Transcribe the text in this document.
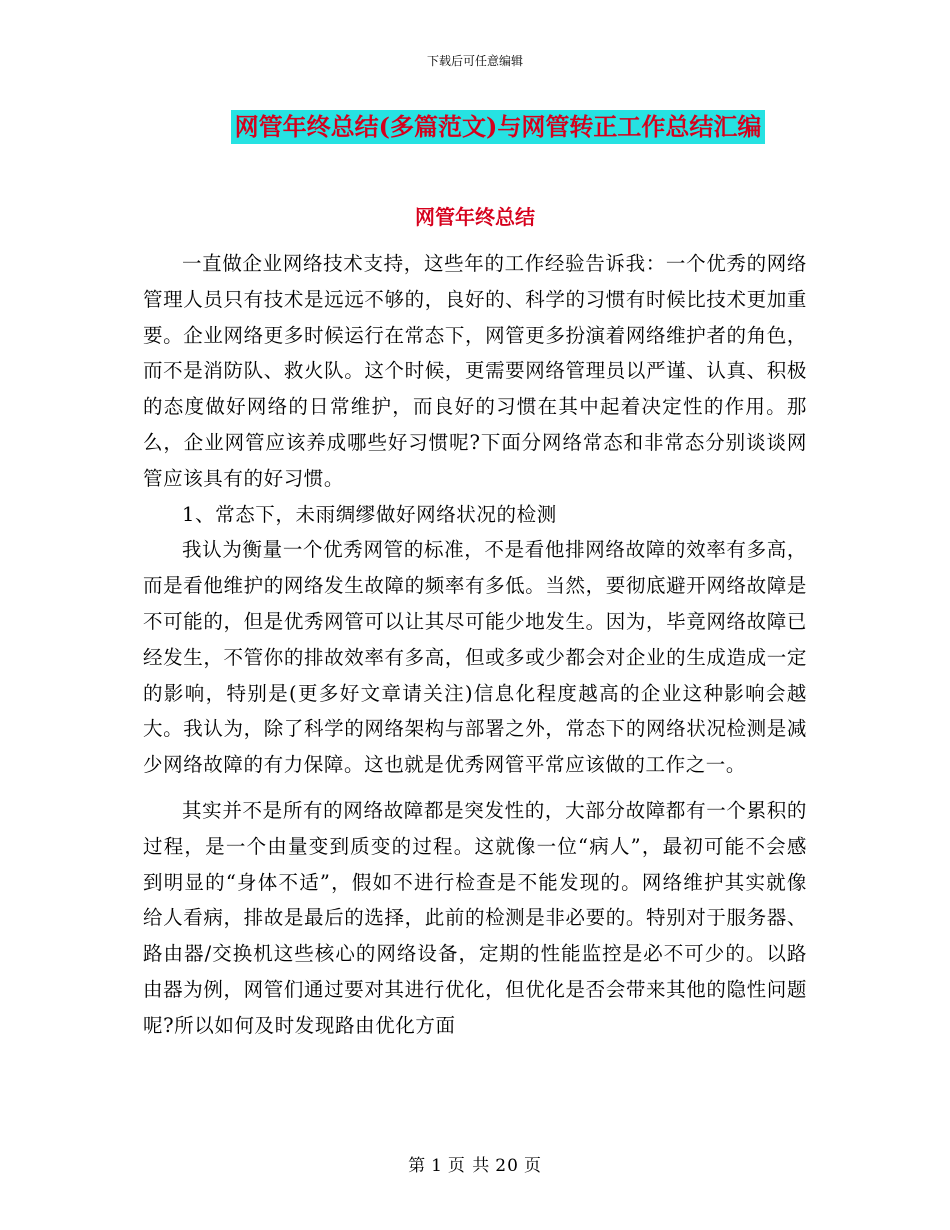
下载后可任意编辑
网管年终总结(多篇范文)与网管转正工作总结汇编
网管年终总结

一直做企业网络技术支持，这些年的工作经验告诉我：一个优秀的网络管理人员只有技术是远远不够的，良好的、科学的习惯有时候比技术更加重要。企业网络更多时候运行在常态下，网管更多扮演着网络维护者的角色，而不是消防队、救火队。这个时候，更需要网络管理员以严谨、认真、积极的态度做好网络的日常维护，而良好的习惯在其中起着决定性的作用。那么，企业网管应该养成哪些好习惯呢?下面分网络常态和非常态分别谈谈网管应该具有的好习惯。

1、常态下，未雨绸缪做好网络状况的检测

我认为衡量一个优秀网管的标准，不是看他排网络故障的效率有多高，而是看他维护的网络发生故障的频率有多低。当然，要彻底避开网络故障是不可能的，但是优秀网管可以让其尽可能少地发生。因为，毕竟网络故障已经发生，不管你的排故效率有多高，但或多或少都会对企业的生成造成一定的影响，特别是(更多好文章请关注)信息化程度越高的企业这种影响会越大。我认为，除了科学的网络架构与部署之外，常态下的网络状况检测是减少网络故障的有力保障。这也就是优秀网管平常应该做的工作之一。

其实并不是所有的网络故障都是突发性的，大部分故障都有一个累积的过程，是一个由量变到质变的过程。这就像一位“病人”，最初可能不会感到明显的“身体不适”，假如不进行检查是不能发现的。网络维护其实就像给人看病，排故是最后的选择，此前的检测是非必要的。特别对于服务器、路由器/交换机这些核心的网络设备，定期的性能监控是必不可少的。以路由器为例，网管们通过要对其进行优化，但优化是否会带来其他的隐性问题呢?所以如何及时发现路由优化方面

第 1 页 共 20 页
